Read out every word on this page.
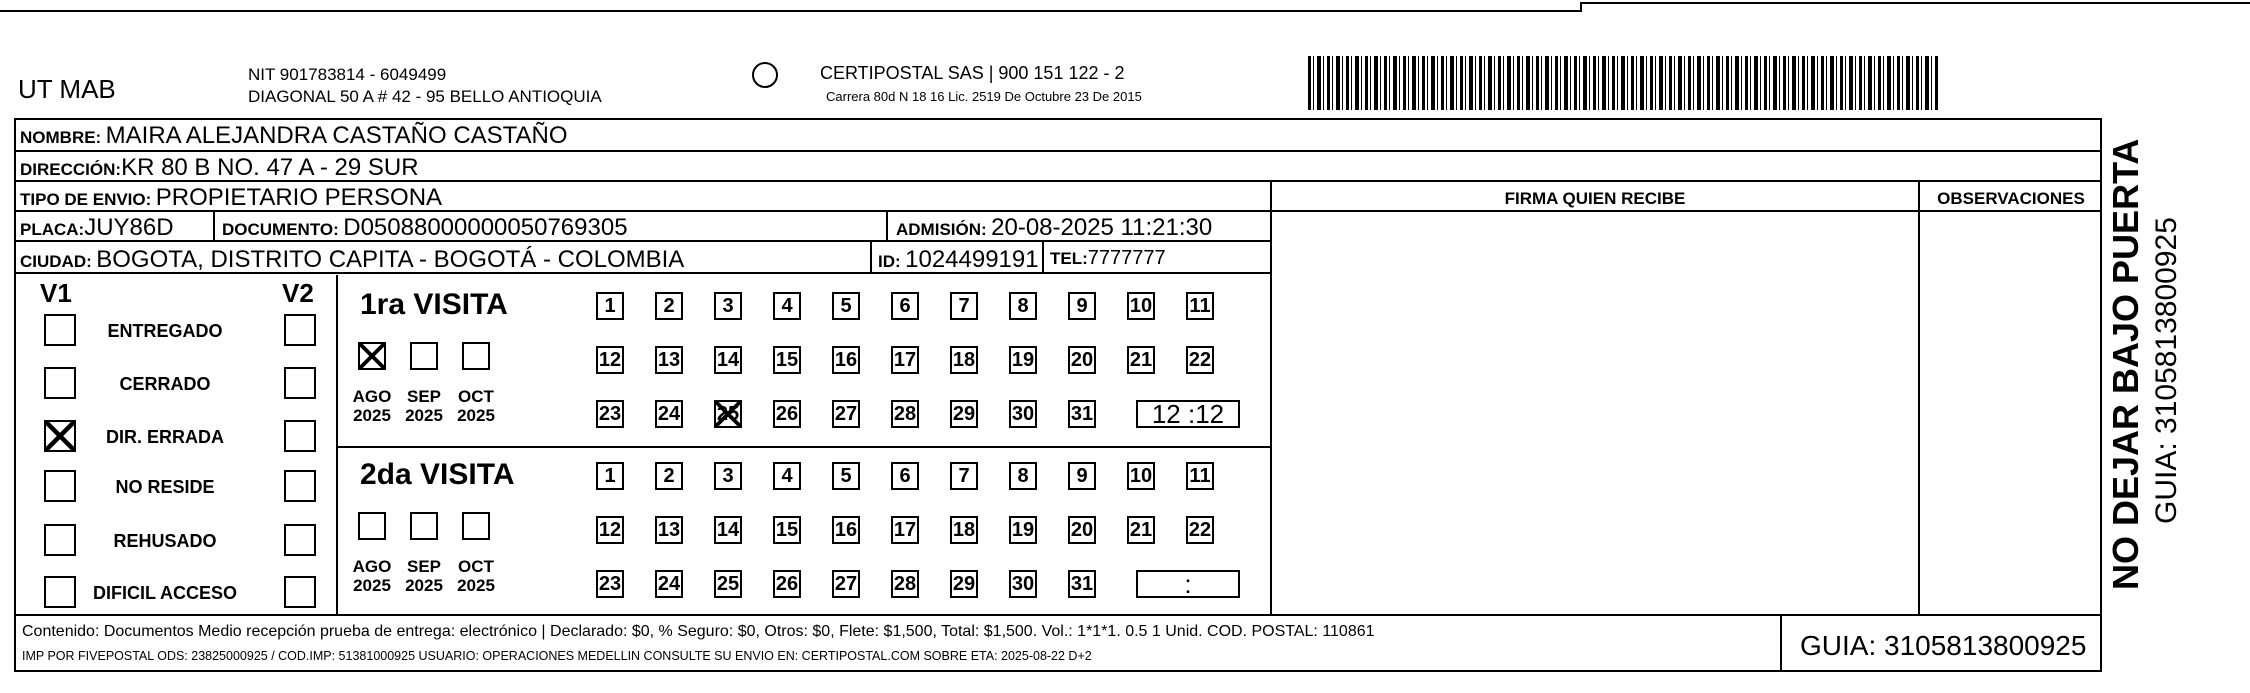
UT MAB	NIT 901783814 - 6049499
DIAGONAL 50 A # 42 - 95 BELLO ANTIOQUIA
CERTIPOSTAL SAS | 900 151 122 - 2
Carrera 80d N 18 16 Lic. 2519 De Octubre 23 De 2015
NOMBRE: MAIRA ALEJANDRA CASTAÑO CASTAÑO
DIRECCIÓN:KR 80 B NO. 47 A - 29 SUR
TIPO DE ENVIO: PROPIETARIO PERSONA
PLACA:JUY86D	DOCUMENTO: D05088000000050769305	ADMISIÓN: 20-08-2025 11:21:30
CIUDAD: BOGOTA, DISTRITO CAPITA - BOGOTÁ - COLOMBIA	ID: 1024499191 TEL:7777777
FIRMA QUIEN RECIBE	OBSERVACIONES
V1	V2
ENTREGADO
CERRADO
DIR. ERRADA
NO RESIDE
REHUSADO
DIFICIL ACCESO
1ra VISITA
AGO
2025
SEP
2025
OCT
2025
1	2	3	4	5	6	7	8	9	10 11
12 13 14 15 16 17 18 19 20 21 22
23 24 25 26 27 28 29 30 31	12 :12
2da VISITA
AGO
2025
SEP
2025
OCT
2025
1	2	3	4	5	6	7	8	9	10 11
12 13 14 15 16 17 18 19 20 21 22
23 24 25 26 27 28 29 30 31	:
Contenido: Documentos Medio recepción prueba de entrega: electrónico | Declarado: $0, % Seguro: $0, Otros: $0, Flete: $1,500, Total: $1,500. Vol.: 1*1*1. 0.5 1 Unid. COD. POSTAL: 110861
IMP POR FIVEPOSTAL ODS: 23825000925 / COD.IMP: 51381000925 USUARIO: OPERACIONES MEDELLIN CONSULTE SU ENVIO EN: CERTIPOSTAL.COM SOBRE ETA: 2025-08-22 D+2	GUIA: 3105813800925
NO DEJAR BAJO PUERTA GUIA: 3105813800925
